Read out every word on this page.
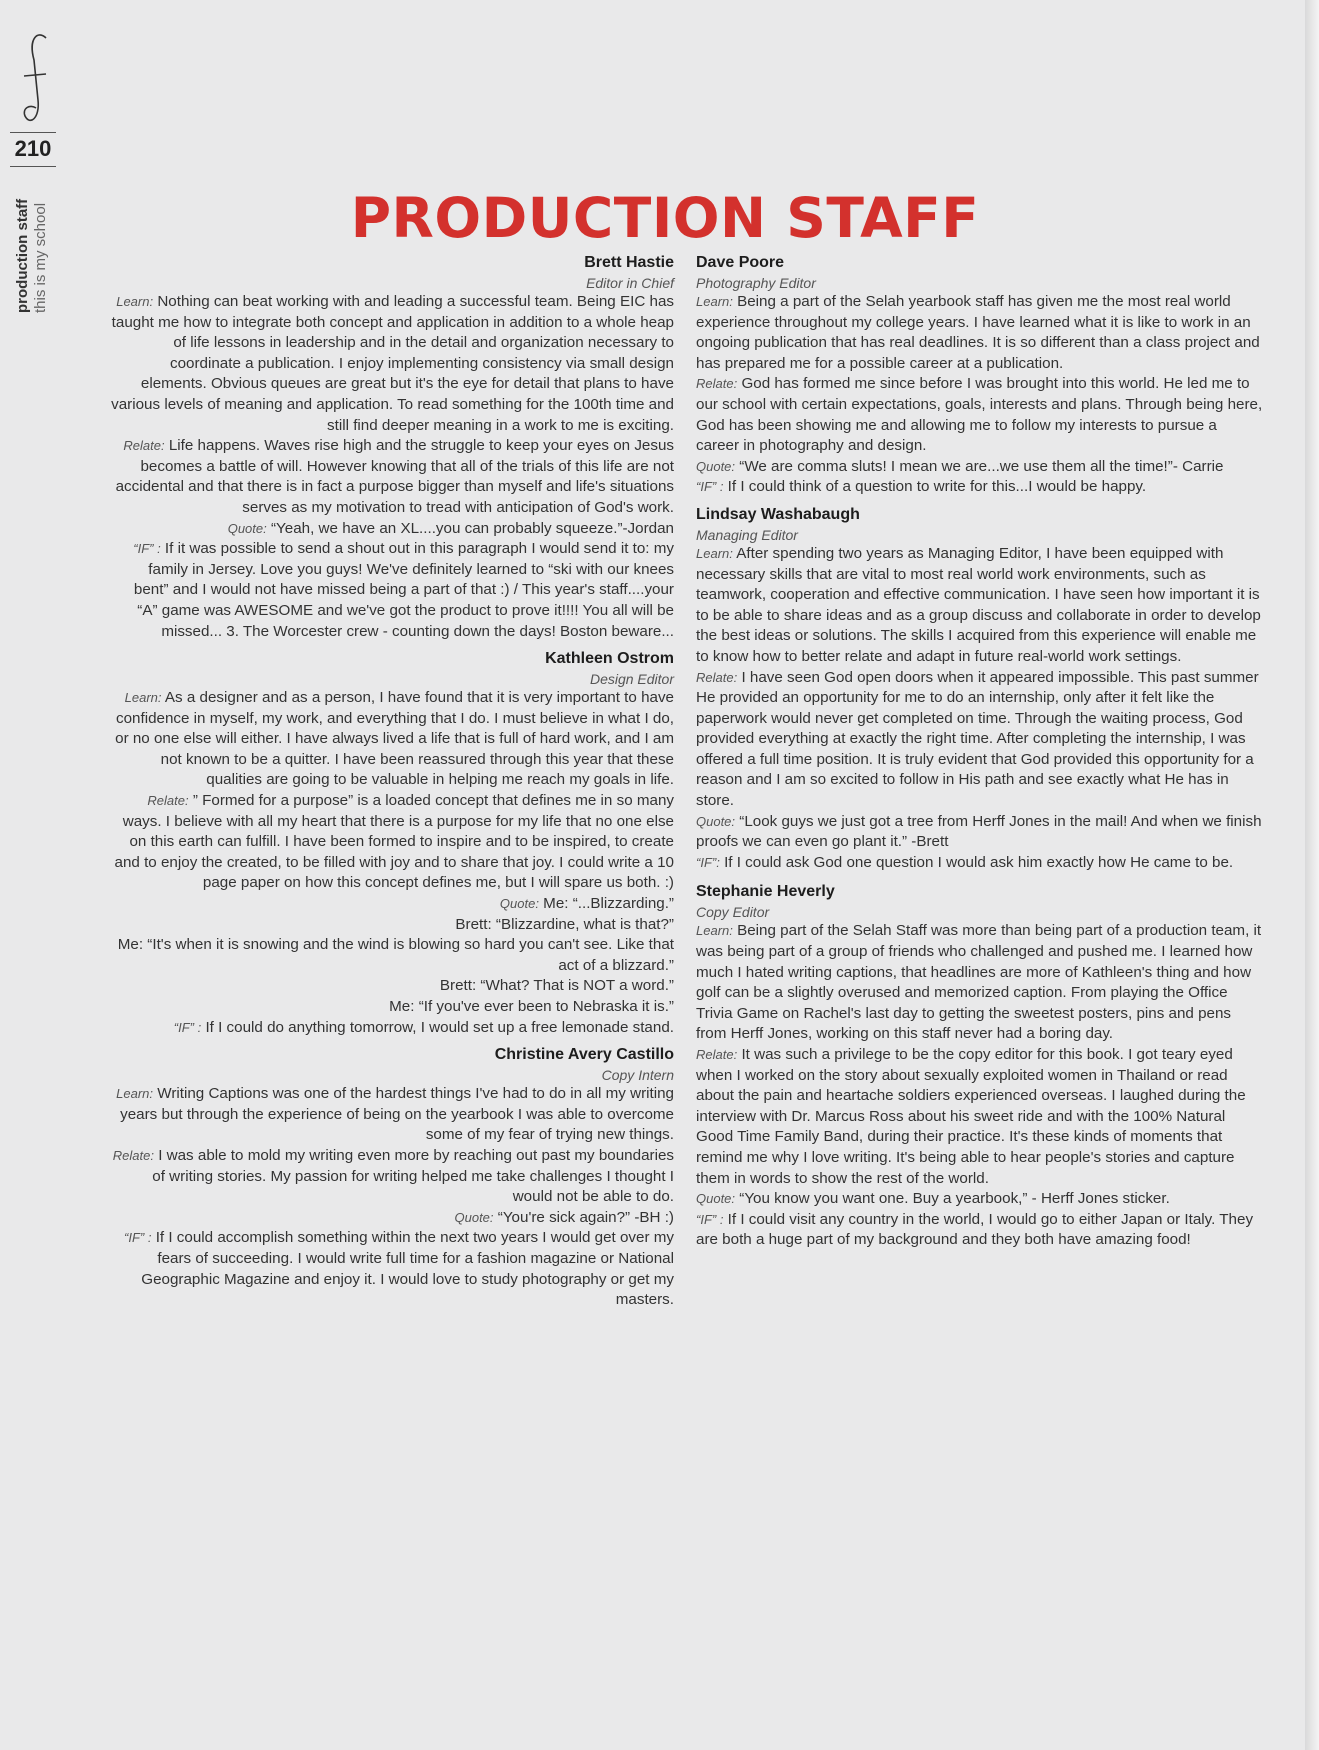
210
production staff this is my school	PRODUCTION STAFF
Brett Hastie
Editor in Chief

Learn: Nothing can beat working with and leading a successful team. Being EIC has taught me how to integrate both concept and application in addition to a whole heap of life lessons in leadership and in the detail and organization necessary to coordinate a publication. I enjoy implementing consistency via small design elements. Obvious queues are great but it's the eye for detail that plans to have various levels of meaning and application. To read something for the 100th time and still find deeper meaning in a work to me is exciting.

Relate: Life happens. Waves rise high and the struggle to keep your eyes on Jesus becomes a battle of will. However knowing that all of the trials of this life are not accidental and that there is in fact a purpose bigger than myself and life's situations serves as my motivation to tread with anticipation of God's work.

Quote: “Yeah, we have an XL....you can probably squeeze.”-Jordan

“IF” : If it was possible to send a shout out in this paragraph I would send it to: my family in Jersey. Love you guys! We've definitely learned to “ski with our knees bent” and I would not have missed being a part of that :) / This year's staff....your “A” game was AWESOME and we've got the product to prove it!!!! You all will be missed... 3. The Worcester crew - counting down the days! Boston beware...

Kathleen Ostrom
Design Editor

Learn: As a designer and as a person, I have found that it is very important to have confidence in myself, my work, and everything that I do. I must believe in what I do, or no one else will either. I have always lived a life that is full of hard work, and I am not known to be a quitter. I have been reassured through this year that these qualities are going to be valuable in helping me reach my goals in life.

Relate: ” Formed for a purpose” is a loaded concept that defines me in so many ways. I believe with all my heart that there is a purpose for my life that no one else on this earth can fulfill. I have been formed to inspire and to be inspired, to create and to enjoy the created, to be filled with joy and to share that joy. I could write a 10 page paper on how this concept defines me, but I will spare us both. :)

Quote: Me: “...Blizzarding.”

Brett: “Blizzardine, what is that?”

Me: “It's when it is snowing and the wind is blowing so hard you can't see. Like that act of a blizzard.”

Brett: “What? That is NOT a word.”

Me: “If you've ever been to Nebraska it is.”

“IF” : If I could do anything tomorrow, I would set up a free lemonade stand.

Christine Avery Castillo
Copy Intern

Learn: Writing Captions was one of the hardest things I've had to do in all my writing years but through the experience of being on the yearbook I was able to overcome some of my fear of trying new things.

Relate: I was able to mold my writing even more by reaching out past my boundaries of writing stories. My passion for writing helped me take challenges I thought I would not be able to do.

Quote: “You're sick again?” -BH :)

“IF” : If I could accomplish something within the next two years I would get over my fears of succeeding. I would write full time for a fashion magazine or National Geographic Magazine and enjoy it. I would love to study photography or get my masters.

Dave Poore
Photography Editor

Learn: Being a part of the Selah yearbook staff has given me the most real world experience throughout my college years. I have learned what it is like to work in an ongoing publication that has real deadlines. It is so different than a class project and has prepared me for a possible career at a publication.

Relate: God has formed me since before I was brought into this world. He led me to our school with certain expectations, goals, interests and plans. Through being here, God has been showing me and allowing me to follow my interests to pursue a career in photography and design.

Quote: “We are comma sluts! I mean we are...we use them all the time!”- Carrie

“IF” : If I could think of a question to write for this...I would be happy.

Lindsay Washabaugh
Managing Editor

Learn: After spending two years as Managing Editor, I have been equipped with necessary skills that are vital to most real world work environments, such as teamwork, cooperation and effective communication. I have seen how important it is to be able to share ideas and as a group discuss and collaborate in order to develop the best ideas or solutions. The skills I acquired from this experience will enable me to know how to better relate and adapt in future real-world work settings.

Relate: I have seen God open doors when it appeared impossible. This past summer He provided an opportunity for me to do an internship, only after it felt like the paperwork would never get completed on time. Through the waiting process, God provided everything at exactly the right time. After completing the internship, I was offered a full time position. It is truly evident that God provided this opportunity for a reason and I am so excited to follow in His path and see exactly what He has in store.

Quote: “Look guys we just got a tree from Herff Jones in the mail! And when we finish proofs we can even go plant it.” -Brett

“IF”: If I could ask God one question I would ask him exactly how He came to be.

Stephanie Heverly
Copy Editor

Learn: Being part of the Selah Staff was more than being part of a production team, it was being part of a group of friends who challenged and pushed me. I learned how much I hated writing captions, that headlines are more of Kathleen's thing and how golf can be a slightly overused and memorized caption. From playing the Office Trivia Game on Rachel's last day to getting the sweetest posters, pins and pens from Herff Jones, working on this staff never had a boring day.

Relate: It was such a privilege to be the copy editor for this book. I got teary eyed when I worked on the story about sexually exploited women in Thailand or read about the pain and heartache soldiers experienced overseas. I laughed during the interview with Dr. Marcus Ross about his sweet ride and with the 100% Natural Good Time Family Band, during their practice. It's these kinds of moments that remind me why I love writing. It's being able to hear people's stories and capture them in words to show the rest of the world.

Quote: “You know you want one. Buy a yearbook,” - Herff Jones sticker.

“IF” : If I could visit any country in the world, I would go to either Japan or Italy. They are both a huge part of my background and they both have amazing food!
